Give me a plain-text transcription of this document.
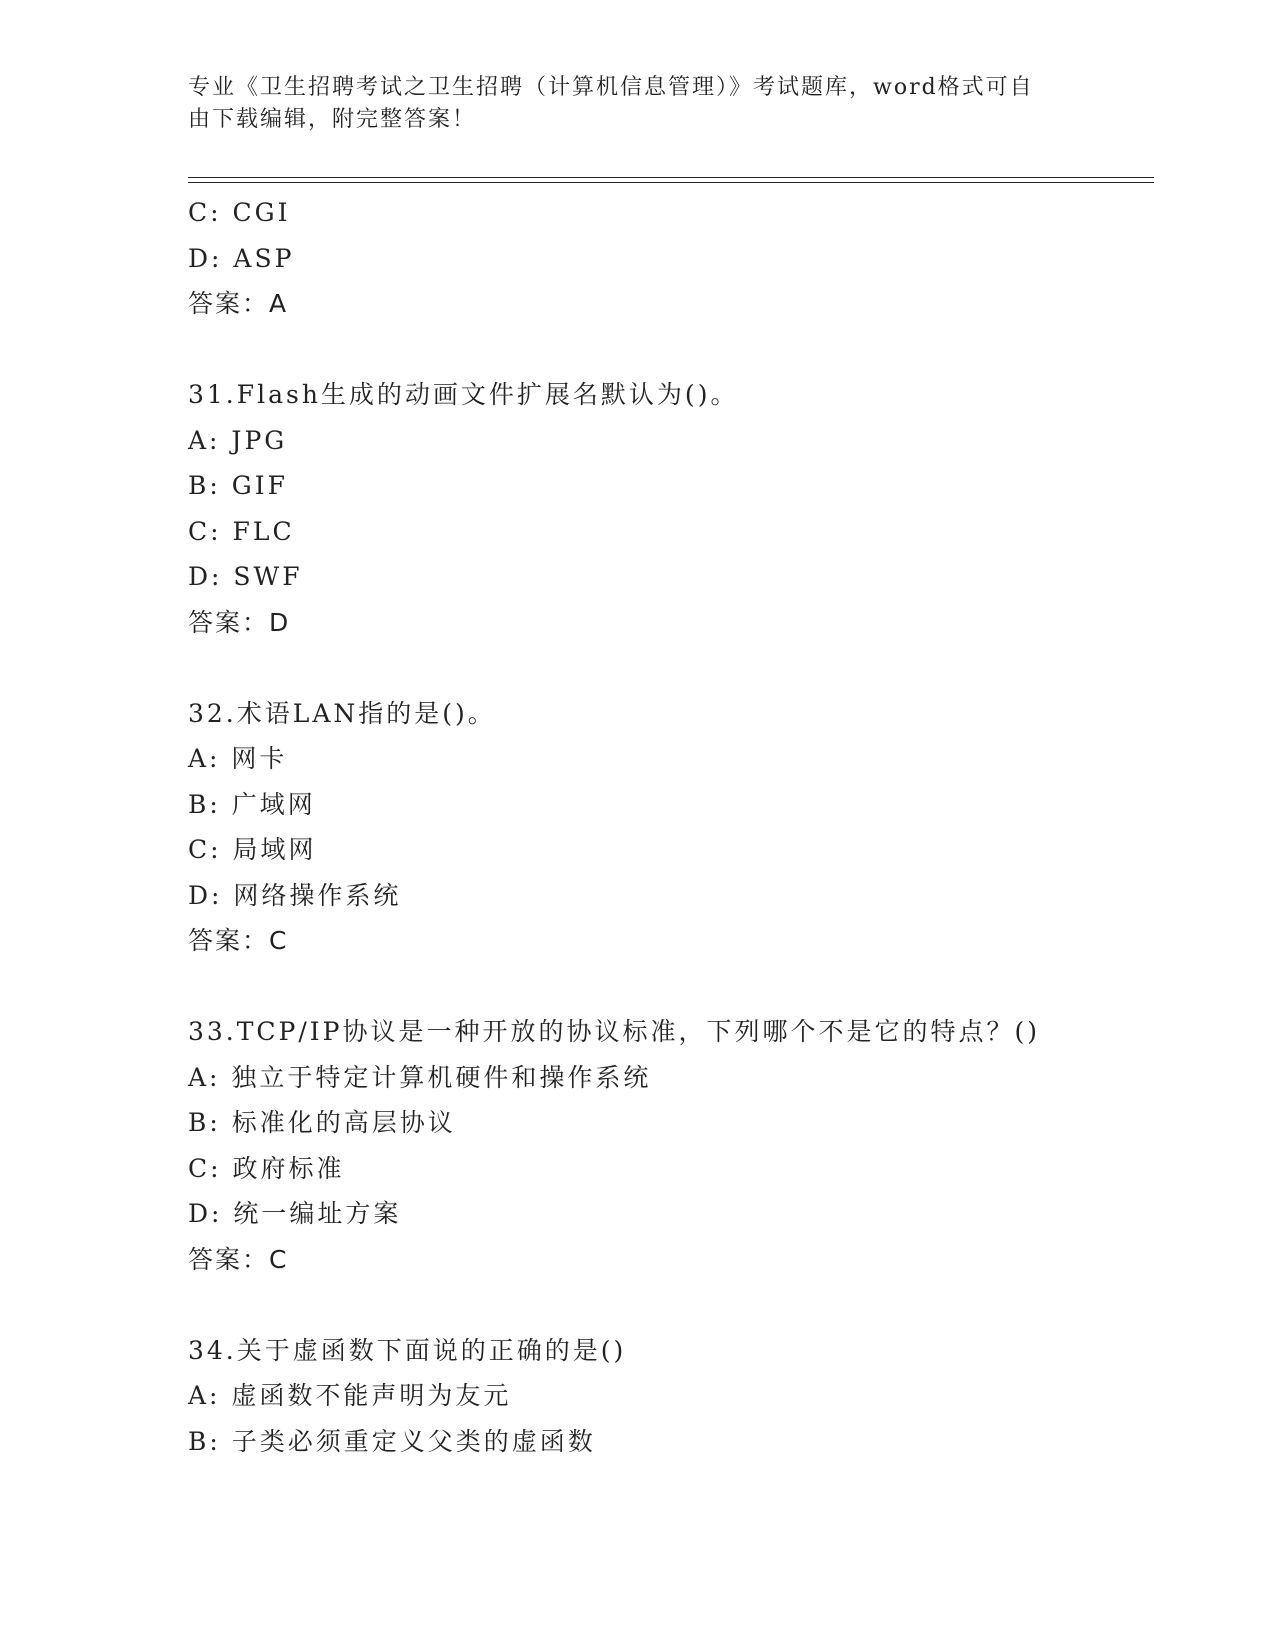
专业《卫生招聘考试之卫生招聘（计算机信息管理）》考试题库，word格式可自
由下载编辑，附完整答案！
C: CGI
D: ASP
答案：A
31.Flash生成的动画文件扩展名默认为()。
A: JPG
B: GIF
C: FLC
D: SWF
答案：D
32.术语LAN指的是()。
A: 网卡
B: 广域网
C: 局域网
D: 网络操作系统
答案：C
33.TCP/IP协议是一种开放的协议标准，下列哪个不是它的特点？()
A: 独立于特定计算机硬件和操作系统
B: 标准化的高层协议
C: 政府标准
D: 统一编址方案
答案：C
34.关于虚函数下面说的正确的是()
A: 虚函数不能声明为友元
B: 子类必须重定义父类的虚函数
